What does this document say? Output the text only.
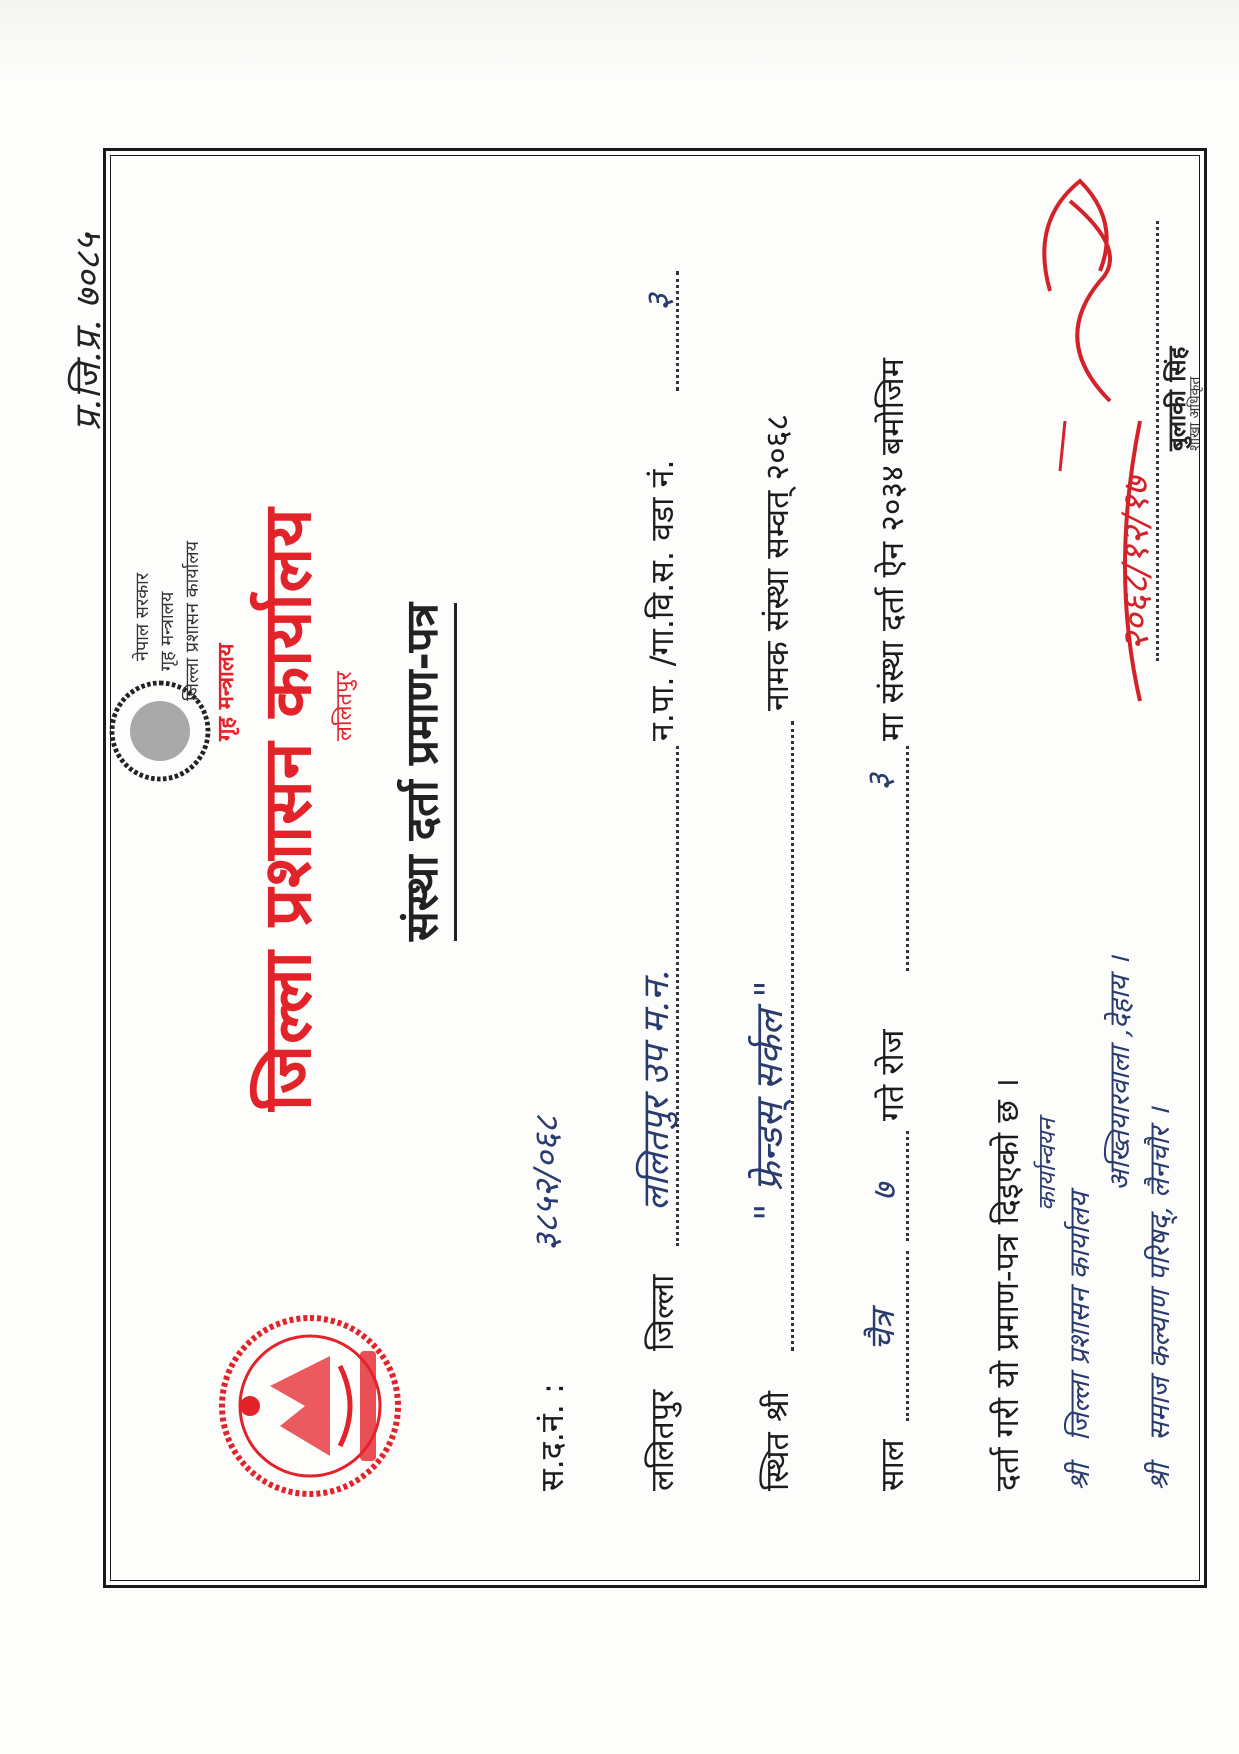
प्र.जि.प्र. ७०८५
जिल्ला प्रशासन कार्यालय ललितपुर
नेपाल सरकार गृह मन्त्रालय जिल्ला प्रशासन कार्यालय गृह मन्त्रालय	संस्था दर्ता प्रमाण-पत्र
स.द.नं. :
३८५२/०६८
ललितपुर
जिल्ला
ललितपुर उप म.न.
न.पा. /गा.वि.स. वडा नं.
३
स्थित श्री
" फ्रेन्डस् सर्कल "
नामक संस्था सम्वत् २०६८
साल
चैत्र
७
गते रोज
३
मा संस्था दर्ता ऐन २०३४ बमोजिम
दर्ता गरी यो प्रमाण-पत्र दिइएको छ । कार्यान्वयन
श्री
जिल्ला प्रशासन कार्यालय
अख्तियारवाला ,देहाय ।
श्री
समाज कल्याण परिषद्, लैनचौर ।
२०६८/१२/१७
बुलाकी सिंह
शाखा अधिकृत
